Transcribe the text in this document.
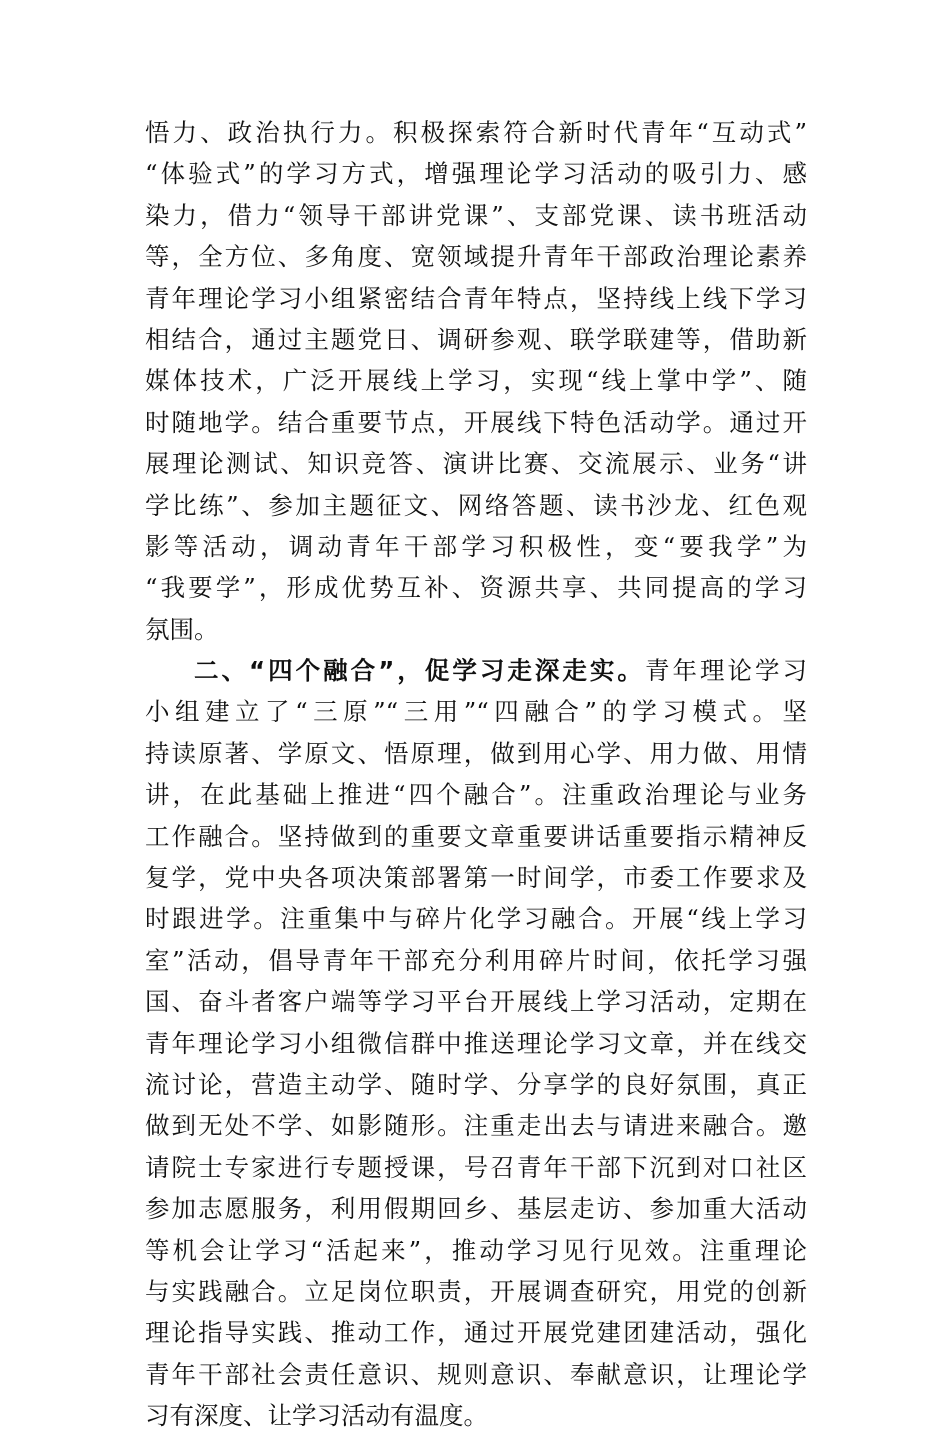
悟力、政治执行力。积极探索符合新时代青年“互动式”
“体验式”的学习方式，增强理论学习活动的吸引力、感
染力，借力“领导干部讲党课”、支部党课、读书班活动
等，全方位、多角度、宽领域提升青年干部政治理论素养
青年理论学习小组紧密结合青年特点，坚持线上线下学习
相结合，通过主题党日、调研参观、联学联建等，借助新
媒体技术，广泛开展线上学习，实现“线上掌中学”、随
时随地学。结合重要节点，开展线下特色活动学。通过开
展理论测试、知识竞答、演讲比赛、交流展示、业务“讲
学比练”、参加主题征文、网络答题、读书沙龙、红色观
影等活动，调动青年干部学习积极性，变“要我学”为
“我要学”，形成优势互补、资源共享、共同提高的学习
氛围。
二、“四个融合”，促学习走深走实。青年理论学习
小组建立了“三原”“三用”“四融合”的学习模式。坚
持读原著、学原文、悟原理，做到用心学、用力做、用情
讲，在此基础上推进“四个融合”。注重政治理论与业务
工作融合。坚持做到的重要文章重要讲话重要指示精神反
复学，党中央各项决策部署第一时间学，市委工作要求及
时跟进学。注重集中与碎片化学习融合。开展“线上学习
室”活动，倡导青年干部充分利用碎片时间，依托学习强
国、奋斗者客户端等学习平台开展线上学习活动，定期在
青年理论学习小组微信群中推送理论学习文章，并在线交
流讨论，营造主动学、随时学、分享学的良好氛围，真正
做到无处不学、如影随形。注重走出去与请进来融合。邀
请院士专家进行专题授课，号召青年干部下沉到对口社区
参加志愿服务，利用假期回乡、基层走访、参加重大活动
等机会让学习“活起来”，推动学习见行见效。注重理论
与实践融合。立足岗位职责，开展调查研究，用党的创新
理论指导实践、推动工作，通过开展党建团建活动，强化
青年干部社会责任意识、规则意识、奉献意识，让理论学
习有深度、让学习活动有温度。
